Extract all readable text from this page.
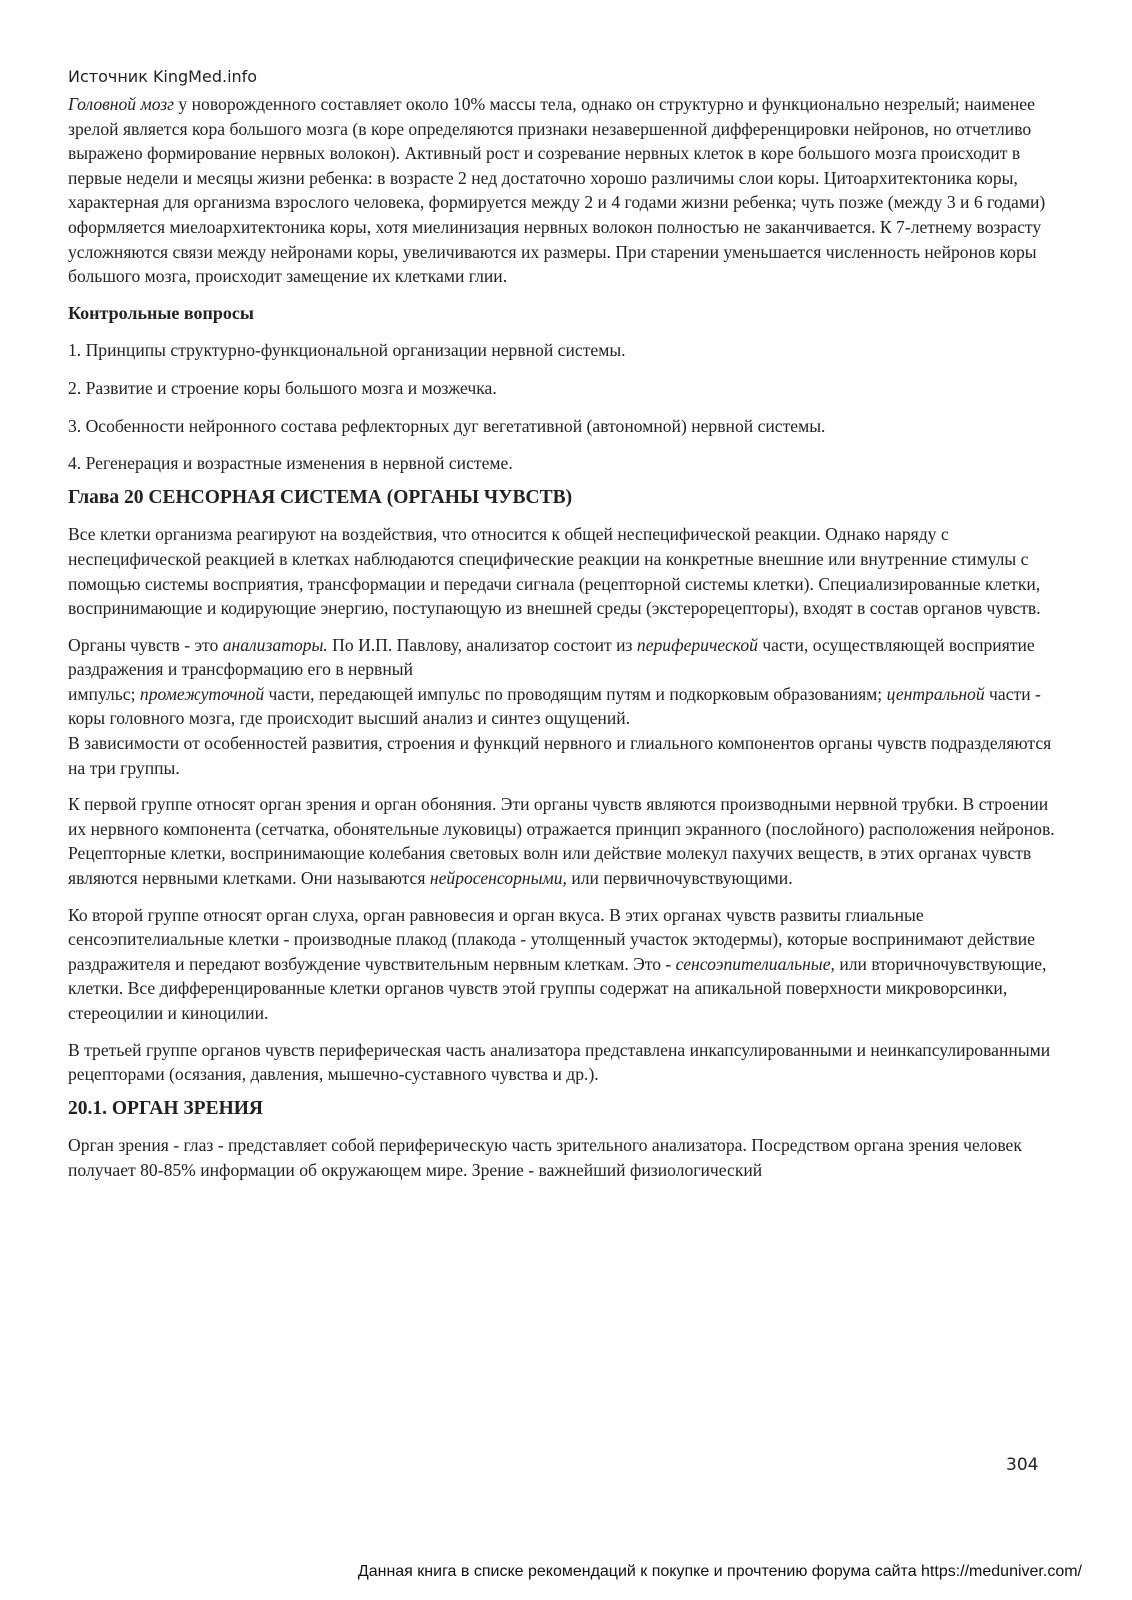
Источник KingMed.info

Головной мозг у новорожденного составляет около 10% массы тела, однако он структурно и функционально незрелый; наименее зрелой является кора большого мозга (в коре определяются признаки незавершенной дифференцировки нейронов, но отчетливо выражено формирование нервных волокон). Активный рост и созревание нервных клеток в коре большого мозга происходит в первые недели и месяцы жизни ребенка: в возрасте 2 нед достаточно хорошо различимы слои коры. Цитоархитектоника коры, характерная для организма взрослого человека, формируется между 2 и 4 годами жизни ребенка; чуть позже (между 3 и 6 годами) оформляется миелоархитектоника коры, хотя миелинизация нервных волокон полностью не заканчивается. К 7-летнему возрасту усложняются связи между нейронами коры, увеличиваются их размеры. При старении уменьшается численность нейронов коры большого мозга, происходит замещение их клетками глии.

Контрольные вопросы

1. Принципы структурно-функциональной организации нервной системы.

2. Развитие и строение коры большого мозга и мозжечка.

3. Особенности нейронного состава рефлекторных дуг вегетативной (автономной) нервной системы.

4. Регенерация и возрастные изменения в нервной системе.

Глава 20 СЕНСОРНАЯ СИСТЕМА (ОРГАНЫ ЧУВСТВ)

Все клетки организма реагируют на воздействия, что относится к общей неспецифической реакции. Однако наряду с неспецифической реакцией в клетках наблюдаются специфические реакции на конкретные внешние или внутренние стимулы с помощью системы восприятия, трансформации и передачи сигнала (рецепторной системы клетки). Специализированные клетки, воспринимающие и кодирующие энергию, поступающую из внешней среды (экстерорецепторы), входят в состав органов чувств.

Органы чувств - это анализаторы. По И.П. Павлову, анализатор состоит из периферической части, осуществляющей восприятие раздражения и трансформацию его в нервный
импульс; промежуточной части, передающей импульс по проводящим путям и подкорковым образованиям; центральной части - коры головного мозга, где происходит высший анализ и синтез ощущений.
В зависимости от особенностей развития, строения и функций нервного и глиального компонентов органы чувств подразделяются на три группы.

К первой группе относят орган зрения и орган обоняния. Эти органы чувств являются производными нервной трубки. В строении их нервного компонента (сетчатка, обонятельные луковицы) отражается принцип экранного (послойного) расположения нейронов. Рецепторные клетки, воспринимающие колебания световых волн или действие молекул пахучих веществ, в этих органах чувств являются нервными клетками. Они называются нейросенсорными, или первичночувствующими.

Ко второй группе относят орган слуха, орган равновесия и орган вкуса. В этих органах чувств развиты глиальные сенсоэпителиальные клетки - производные плакод (плакода - утолщенный участок эктодермы), которые воспринимают действие раздражителя и передают возбуждение чувствительным нервным клеткам. Это - сенсоэпителиальные, или вторичночувствующие, клетки. Все дифференцированные клетки органов чувств этой группы содержат на апикальной поверхности микроворсинки, стереоцилии и киноцилии.

В третьей группе органов чувств периферическая часть анализатора представлена инкапсулированными и неинкапсулированными рецепторами (осязания, давления, мышечно-суставного чувства и др.).

20.1. ОРГАН ЗРЕНИЯ

Орган зрения - глаз - представляет собой периферическую часть зрительного анализатора. Посредством органа зрения человек получает 80-85% информации об окружающем мире. Зрение - важнейший физиологический

304
Данная книга в списке рекомендаций к покупке и прочтению форума сайта https://meduniver.com/
